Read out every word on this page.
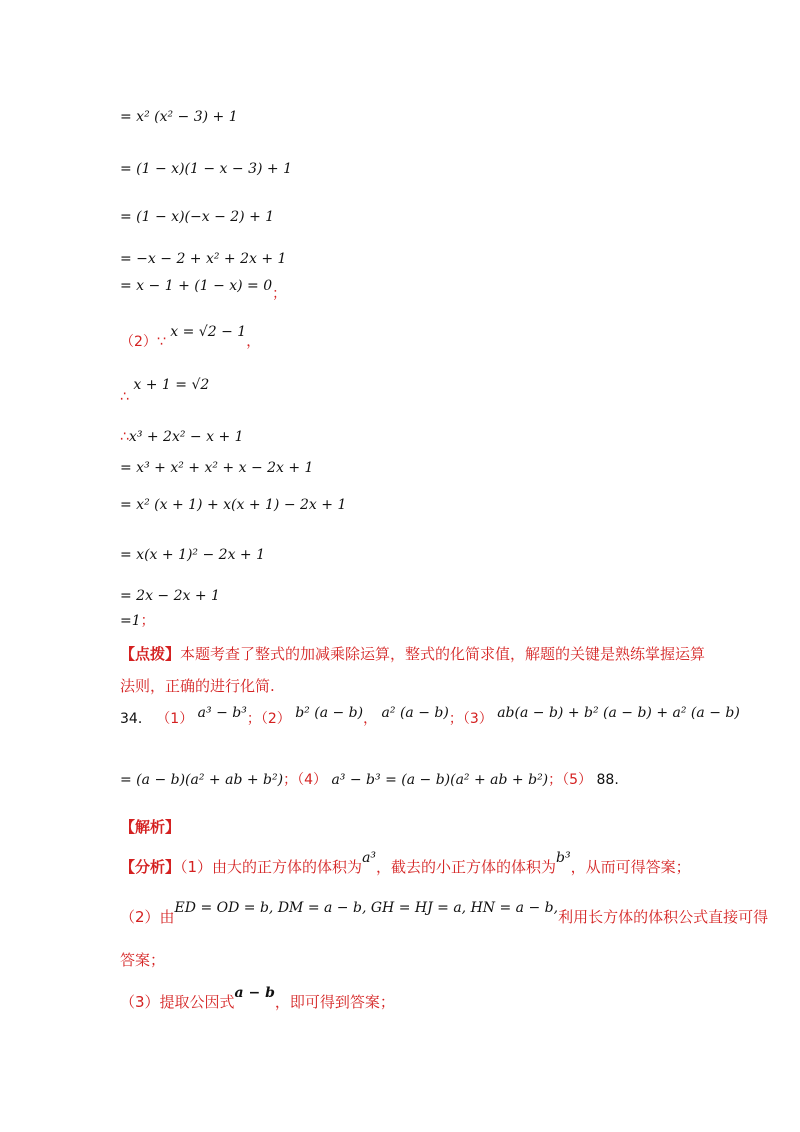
= x² (x² − 3) + 1
= (1 − x)(1 − x − 3) + 1
= (1 − x)(−x − 2) + 1
= −x − 2 + x² + 2x + 1
= x − 1 + (1 − x) = 0；
（2）∵ x = √2 − 1，
∴ x + 1 = √2
∴x³ + 2x² − x + 1
= x³ + x² + x² + x − 2x + 1
= x² (x + 1) + x(x + 1) − 2x + 1
= x(x + 1)² − 2x + 1
= 2x − 2x + 1
=1；
【点拨】本题考查了整式的加减乘除运算，整式的化简求值，解题的关键是熟练掌握运算
法则，正确的进行化简.
34． （1） a³ − b³；（2） b² (a − b)， a² (a − b)；（3） ab(a − b) + b² (a − b) + a² (a − b)
= (a − b)(a² + ab + b²)；（4） a³ − b³ = (a − b)(a² + ab + b²)；（5） 88.
【解析】
【分析】（1）由大的正方体的体积为a³，截去的小正方体的体积为b³，从而可得答案；
（2）由ED = OD = b, DM = a − b, GH = HJ = a, HN = a − b,利用长方体的体积公式直接可得
答案；
（3）提取公因式a − b，即可得到答案；
